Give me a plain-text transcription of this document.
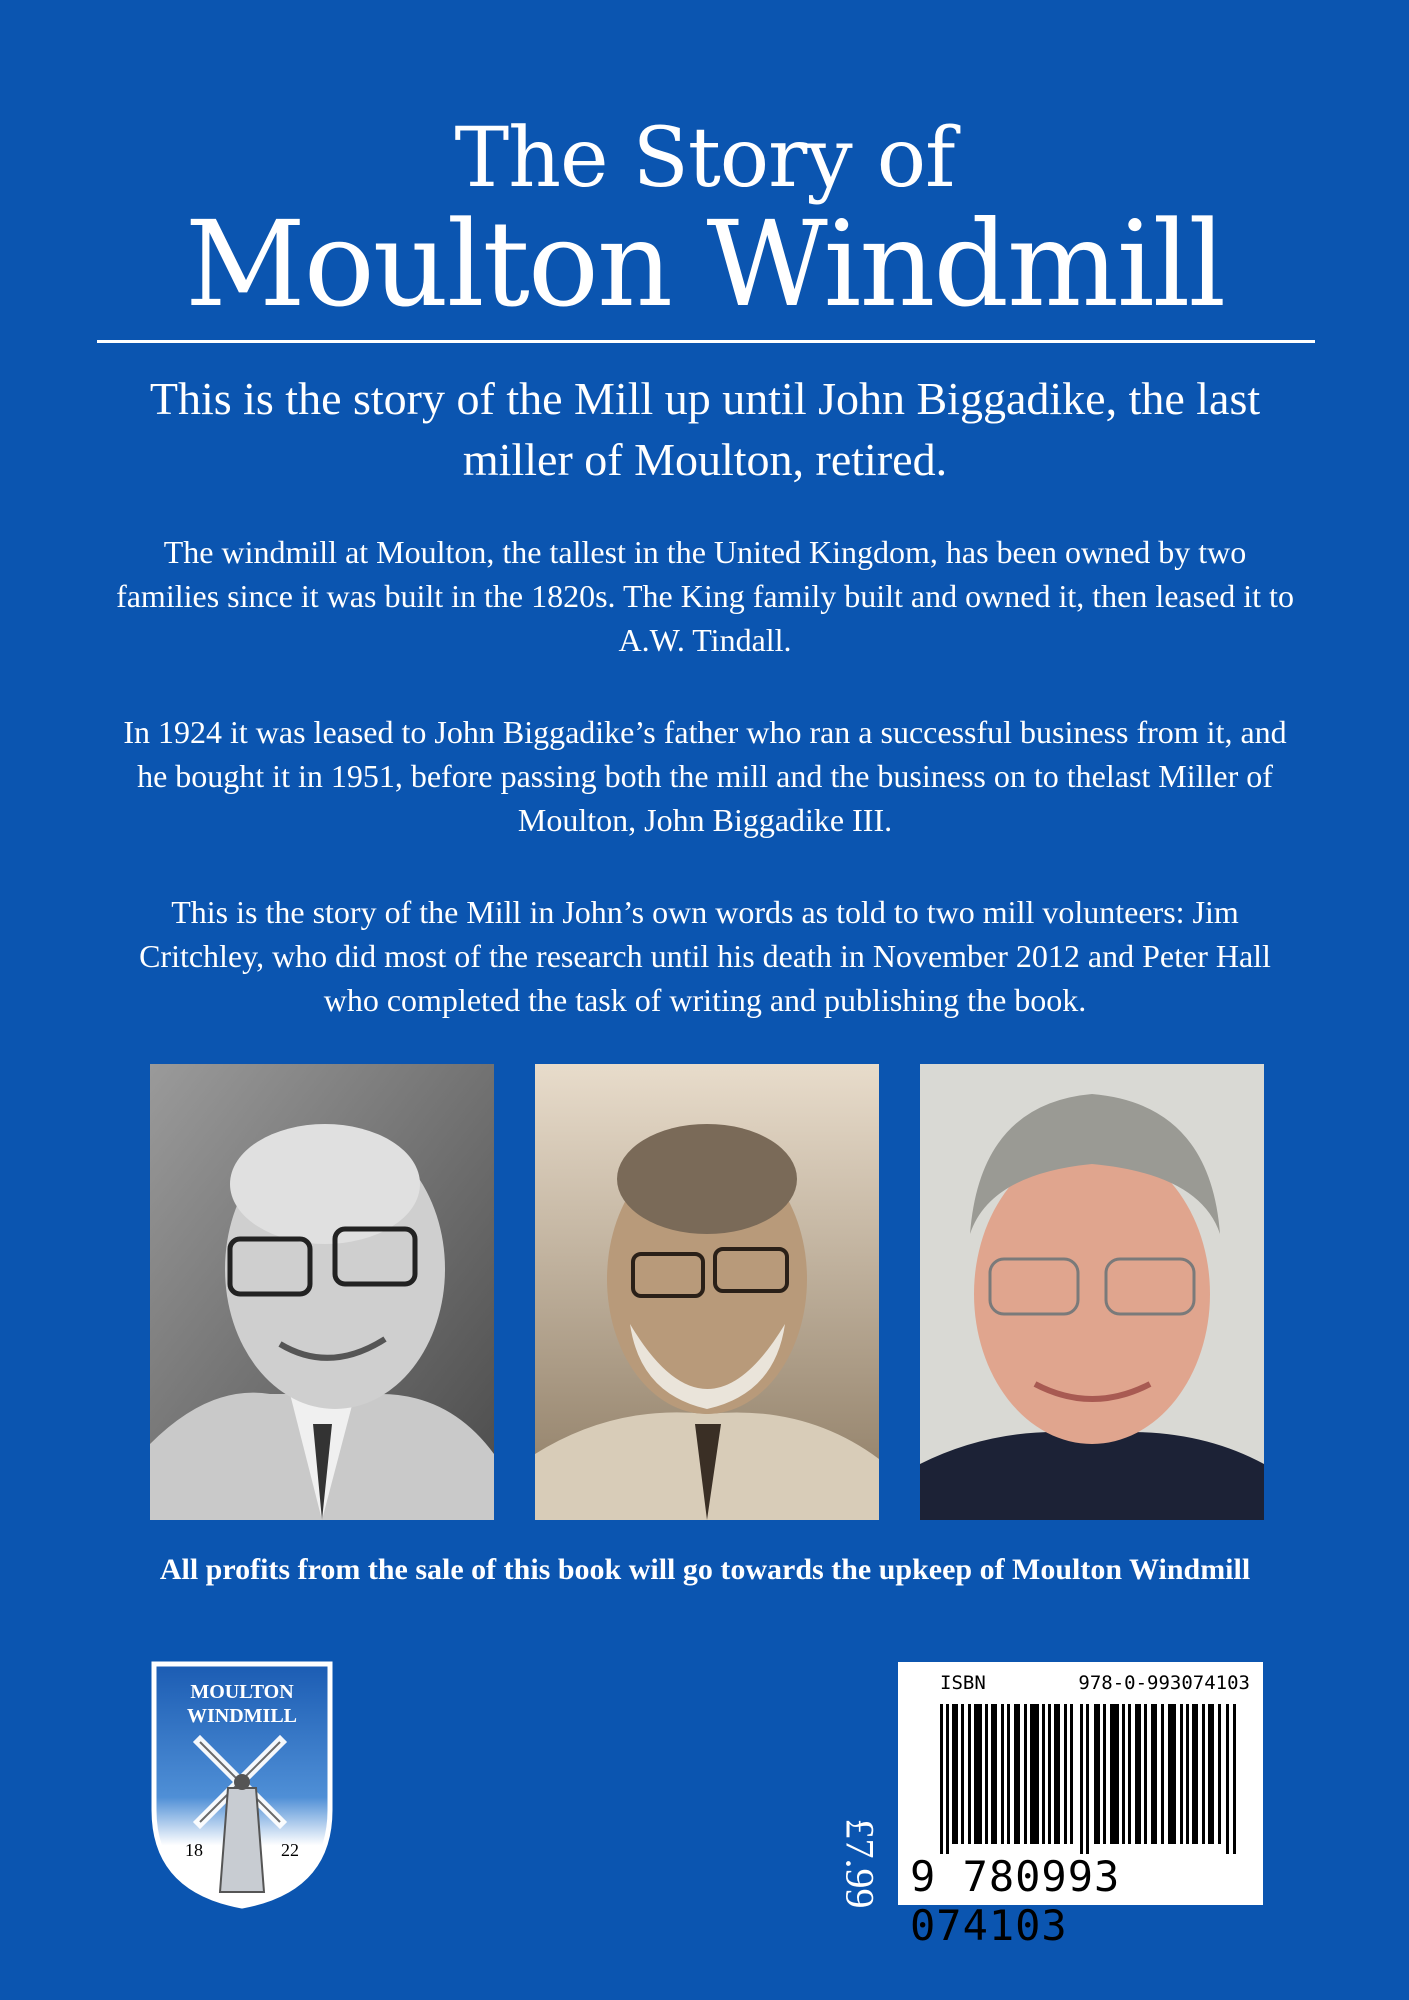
The Story of
Moulton Windmill
This is the story of the Mill up until John Biggadike, the last miller of Moulton, retired.
The windmill at Moulton, the tallest in the United Kingdom, has been owned by two families since it was built in the 1820s. The King family built and owned it, then leased it to A.W. Tindall.
In 1924 it was leased to John Biggadike’s father who ran a successful business from it, and he bought it in 1951, before passing both the mill and the business on to thelast Miller of Moulton, John Biggadike III.
This is the story of the Mill in John’s own words as told to two mill volunteers: Jim Critchley, who did most of the research until his death in November 2012 and Peter Hall who completed the task of writing and publishing the book.
All profits from the sale of this book will go towards the upkeep of Moulton Windmill
MOULTON
WINDMILL
18	22	£7.99
ISBN	978-0-993074103
9 780993 074103
